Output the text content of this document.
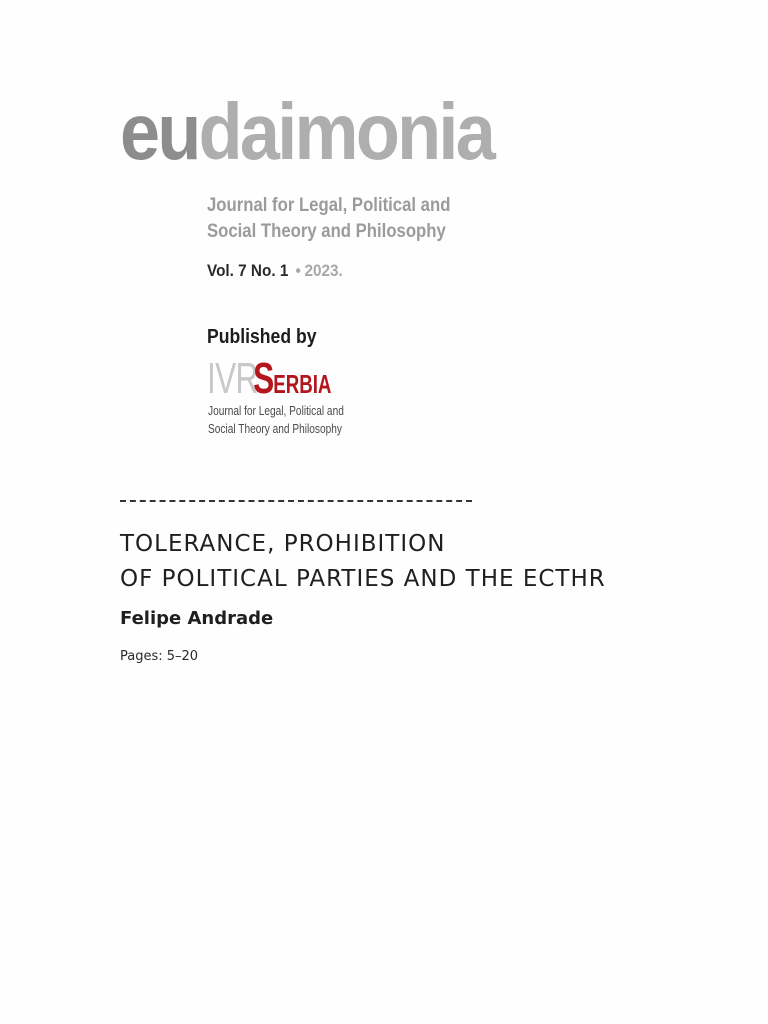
eudaimonia
Journal for Legal, Political and
Social Theory and Philosophy
Vol. 7 No. 1 • 2023.
Published by
IVR
S ERBIA
Journal for Legal, Political and
Social Theory and Philosophy
TOLERANCE, PROHIBITION
OF POLITICAL PARTIES AND THE ECTHR
Felipe Andrade
Pages: 5–20
